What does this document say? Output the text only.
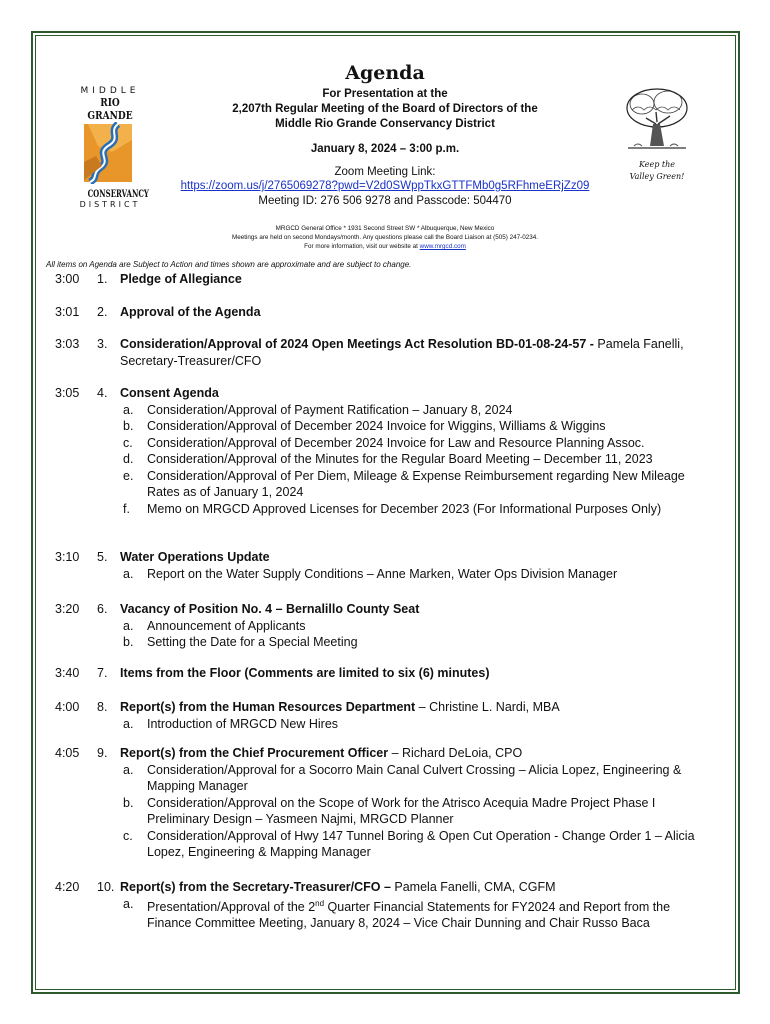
MIDDLE
RIO GRANDE
CONSERVANCY
DISTRICT
Keep the
Valley Green!
Agenda
For Presentation at the
2,207th Regular Meeting of the Board of Directors of the
Middle Rio Grande Conservancy District
January 8, 2024 – 3:00 p.m.
Zoom Meeting Link:
https://zoom.us/j/2765069278?pwd=V2d0SWppTkxGTTFMb0g5RFhmeERjZz09
Meeting ID: 276 506 9278 and Passcode: 504470
MRGCD General Office * 1931 Second Street SW * Albuquerque, New Mexico
Meetings are held on second Mondays/month. Any questions please call the Board Liaison at (505) 247-0234.
For more information, visit our website at www.mrgcd.com
All items on Agenda are Subject to Action and times shown are approximate and are subject to change.
3:00 1. Pledge of Allegiance
3:01 2. Approval of the Agenda
3:03 3. Consideration/Approval of 2024 Open Meetings Act Resolution BD-01-08-24-57 - Pamela Fanelli, Secretary-Treasurer/CFO
3:05 4. Consent Agenda
a.	Consideration/Approval of Payment Ratification – January 8, 2024
b.	Consideration/Approval of December 2024 Invoice for Wiggins, Williams & Wiggins
c.	Consideration/Approval of December 2024 Invoice for Law and Resource Planning Assoc.
d.	Consideration/Approval of the Minutes for the Regular Board Meeting – December 11, 2023
e.	Consideration/Approval of Per Diem, Mileage & Expense Reimbursement regarding New Mileage Rates as of January 1, 2024
f.	Memo on MRGCD Approved Licenses for December 2023 (For Informational Purposes Only)
3:10 5. Water Operations Update
a.	Report on the Water Supply Conditions – Anne Marken, Water Ops Division Manager
3:20 6. Vacancy of Position No. 4 – Bernalillo County Seat
a.	Announcement of Applicants
b.	Setting the Date for a Special Meeting
3:40 7. Items from the Floor (Comments are limited to six (6) minutes)
4:00 8. Report(s) from the Human Resources Department – Christine L. Nardi, MBA
a.	Introduction of MRGCD New Hires
4:05 9. Report(s) from the Chief Procurement Officer – Richard DeLoia, CPO
a.	Consideration/Approval for a Socorro Main Canal Culvert Crossing – Alicia Lopez, Engineering & Mapping Manager
b.	Consideration/Approval on the Scope of Work for the Atrisco Acequia Madre Project Phase I Preliminary Design – Yasmeen Najmi, MRGCD Planner
c.	Consideration/Approval of Hwy 147 Tunnel Boring & Open Cut Operation - Change Order 1 – Alicia Lopez, Engineering & Mapping Manager
4:20 10. Report(s) from the Secretary-Treasurer/CFO – Pamela Fanelli, CMA, CGFM
a.	Presentation/Approval of the 2nd Quarter Financial Statements for FY2024 and Report from the Finance Committee Meeting, January 8, 2024 – Vice Chair Dunning and Chair Russo Baca
